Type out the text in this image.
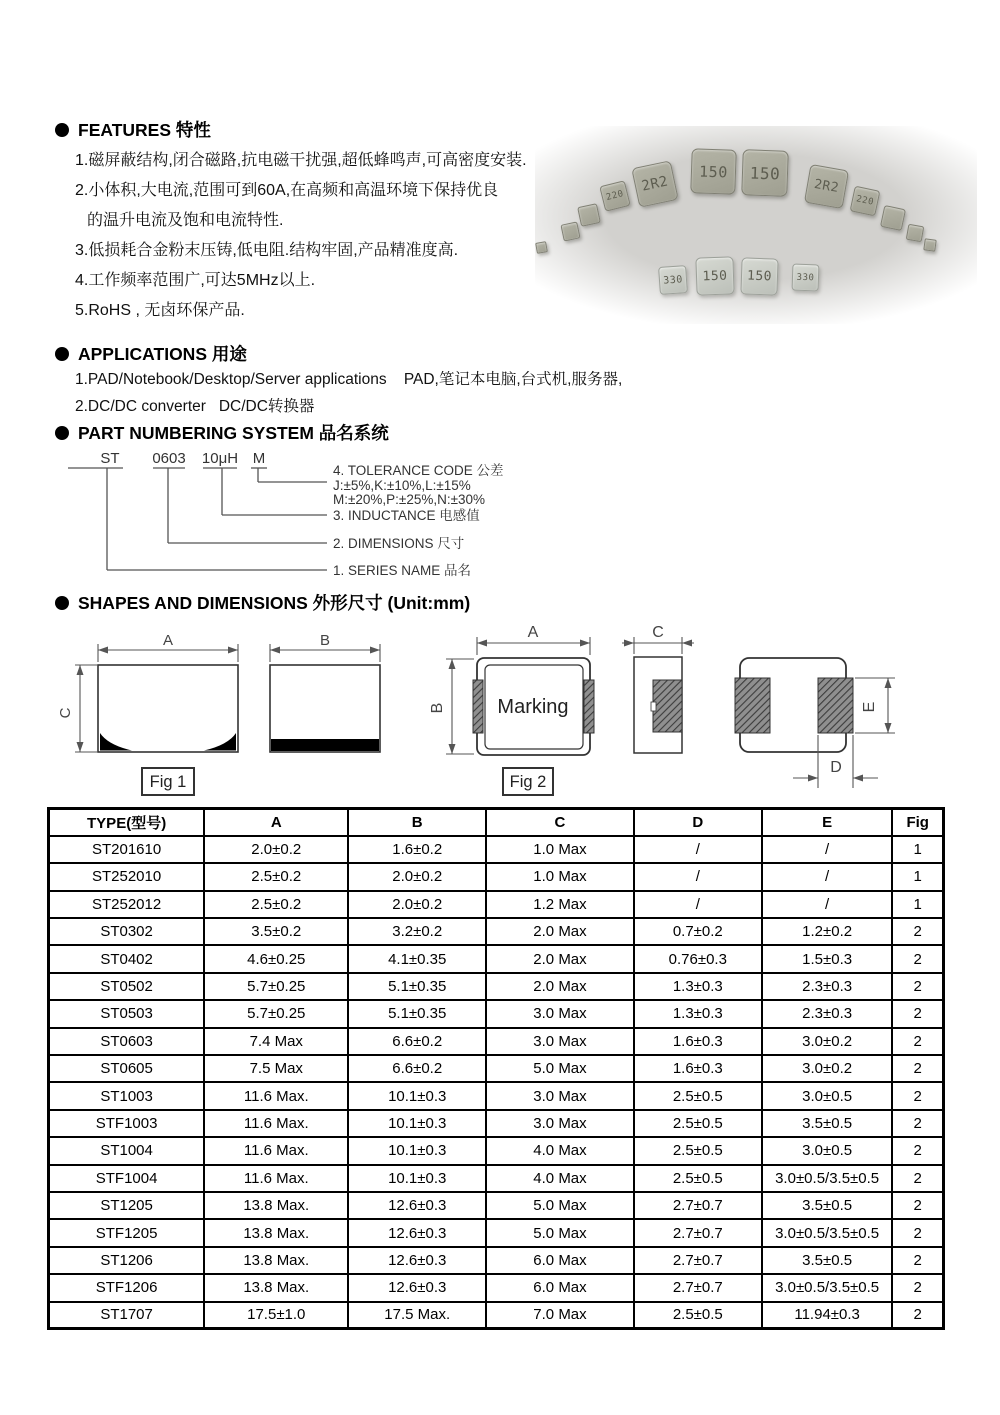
FEATURES 特性
1.磁屏蔽结构,闭合磁路,抗电磁干扰强,超低蜂鸣声,可高密度安装.
2.小体积,大电流,范围可到60A,在高频和高温环境下保持优良
的温升电流及饱和电流特性.
3.低损耗合金粉末压铸,低电阻.结构牢固,产品精准度高.
4.工作频率范围广,可达5MHz以上.
5.RoHS , 无卤环保产品.
220
2R2
150 150
2R2
220
330 150 150	330
APPLICATIONS 用途
1.PAD/Notebook/Desktop/Server applications    PAD,笔记本电脑,台式机,服务器,
2.DC/DC converter   DC/DC转换器
PART NUMBERING SYSTEM 品名系统
ST 0603 10μH M
4. TOLERANCE CODE 公差
J:±5%,K:±10%,L:±15%
M:±20%,P:±25%,N:±30%
3. INDUCTANCE 电感值
2. DIMENSIONS 尺寸
1. SERIES NAME 品名
SHAPES AND DIMENSIONS 外形尺寸 (Unit:mm)
A
C
B
Fig 1
Marking
A
B
Fig 2
C
E
D
TYPE(型号)	A	B	C	D	E	Fig
ST201610	2.0±0.2	1.6±0.2	1.0 Max	/	/	1
ST252010	2.5±0.2	2.0±0.2	1.0 Max	/	/	1
ST252012	2.5±0.2	2.0±0.2	1.2 Max	/	/	1
ST0302	3.5±0.2	3.2±0.2	2.0 Max	0.7±0.2	1.2±0.2	2
ST0402	4.6±0.25	4.1±0.35	2.0 Max	0.76±0.3	1.5±0.3	2
ST0502	5.7±0.25	5.1±0.35	2.0 Max	1.3±0.3	2.3±0.3	2
ST0503	5.7±0.25	5.1±0.35	3.0 Max	1.3±0.3	2.3±0.3	2
ST0603	7.4 Max	6.6±0.2	3.0 Max	1.6±0.3	3.0±0.2	2
ST0605	7.5 Max	6.6±0.2	5.0 Max	1.6±0.3	3.0±0.2	2
ST1003	11.6 Max.	10.1±0.3	3.0 Max	2.5±0.5	3.0±0.5	2
STF1003	11.6 Max.	10.1±0.3	3.0 Max	2.5±0.5	3.5±0.5	2
ST1004	11.6 Max.	10.1±0.3	4.0 Max	2.5±0.5	3.0±0.5	2
STF1004	11.6 Max.	10.1±0.3	4.0 Max	2.5±0.5	3.0±0.5/3.5±0.5	2
ST1205	13.8 Max.	12.6±0.3	5.0 Max	2.7±0.7	3.5±0.5	2
STF1205	13.8 Max.	12.6±0.3	5.0 Max	2.7±0.7	3.0±0.5/3.5±0.5	2
ST1206	13.8 Max.	12.6±0.3	6.0 Max	2.7±0.7	3.5±0.5	2
STF1206	13.8 Max.	12.6±0.3	6.0 Max	2.7±0.7	3.0±0.5/3.5±0.5	2
ST1707	17.5±1.0	17.5 Max.	7.0 Max	2.5±0.5	11.94±0.3	2
